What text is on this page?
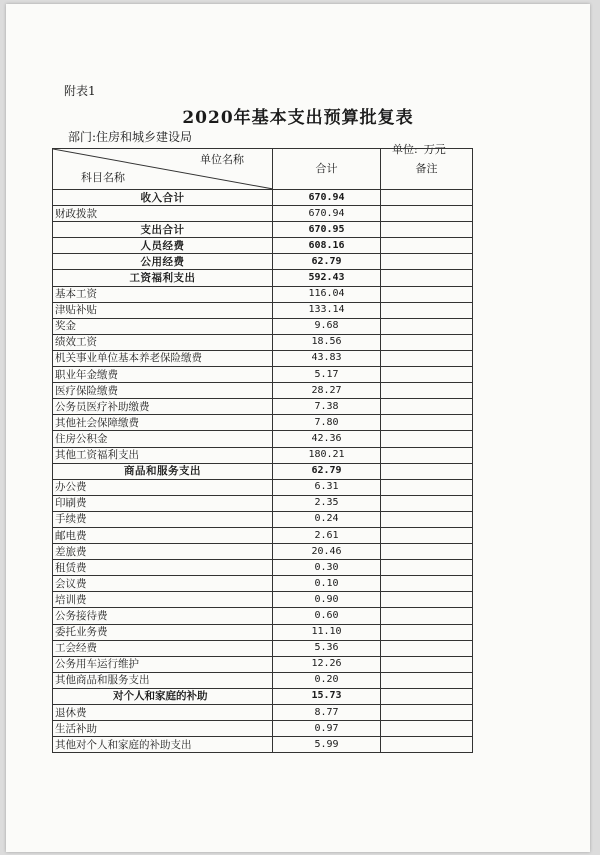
附表1
2020年基本支出预算批复表
部门:住房和城乡建设局
单位: 万元
单位名称
科目名称	合计	备注
收入合计	670.94	
财政拨款	670.94	
支出合计	670.95	
人员经费	608.16	
公用经费	62.79	
工资福利支出	592.43	
基本工资	116.04	
津贴补贴	133.14	
奖金	9.68	
绩效工资	18.56	
机关事业单位基本养老保险缴费	43.83	
职业年金缴费	5.17	
医疗保险缴费	28.27	
公务员医疗补助缴费	7.38	
其他社会保障缴费	7.80	
住房公积金	42.36	
其他工资福利支出	180.21	
商品和服务支出	62.79	
办公费	6.31	
印刷费	2.35	
手续费	0.24	
邮电费	2.61	
差旅费	20.46	
租赁费	0.30	
会议费	0.10	
培训费	0.90	
公务接待费	0.60	
委托业务费	11.10	
工会经费	5.36	
公务用车运行维护	12.26	
其他商品和服务支出	0.20	
对个人和家庭的补助	15.73	
退休费	8.77	
生活补助	0.97	
其他对个人和家庭的补助支出	5.99	
